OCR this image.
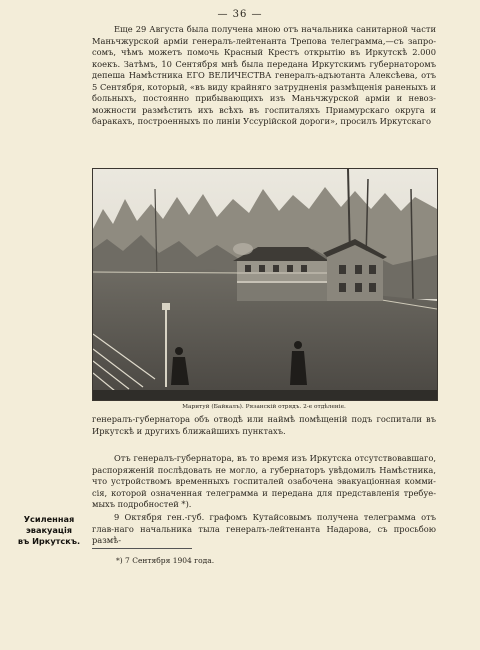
— 36 —

Еще 29 Августа была получена мною отъ начальника санитарной части Маньчжурской арміи генералъ-лейтенанта Трепова телеграмма,—съ запро-сомъ, чѣмъ можетъ помочь Красный Крестъ открытію въ Иркутскѣ 2.000 коекъ. Затѣмъ, 10 Сентября мнѣ была передана Иркутскимъ губернаторомъ депеша Намѣстника ЕГО ВЕЛИЧЕСТВА генералъ-адъютанта Алексѣева, отъ 5 Сентября, который, «въ виду крайняго затрудненія размѣщенія раненыхъ и больныхъ, постоянно прибывающихъ изъ Маньчжурской арміи и невоз-можности размѣстить ихъ всѣхъ въ госпиталяхъ Приамурскаго округа и баракахъ, построенныхъ по линіи Уссурійской дороги», просилъ Иркутскаго

Маритуй (Байкалъ). Рязанскій отрядъ. 2-е отдѣленіе.

генералъ-губернатора объ отводѣ или наймѣ помѣщеній подъ госпитали въ Иркутскѣ и другихъ ближайшихъ пунктахъ.

Отъ генералъ-губернатора, въ то время изъ Иркутска отсутствовавшаго, распоряженій послѣдовать не могло, а губернаторъ увѣдомилъ Намѣстника, что устройствомъ временныхъ госпиталей озабочена эвакуаціонная комми-сія, которой означенная телеграмма и передана для представленія требуе-мыхъ подробностей *).

9 Октября ген.-губ. графомъ Кутайсовымъ получена телеграмма отъ глав-наго начальника тыла генералъ-лейтенанта Надарова, съ просьбою размѣ-

Усиленная эвакуація
въ Иркутскъ.
*) 7 Сентября 1904 года.
